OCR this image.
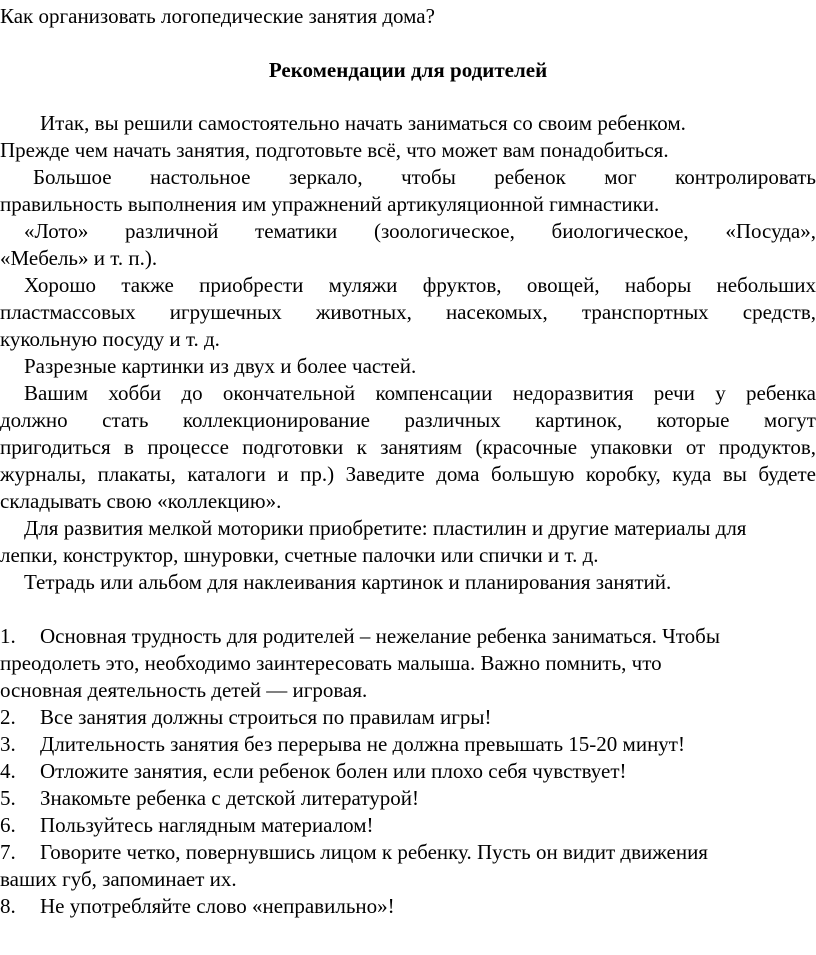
Как организовать логопедические занятия дома?

Рекомендации для родителей

Итак, вы решили самостоятельно начать заниматься со своим ребенком.

Прежде чем начать занятия, подготовьте всё, что может вам понадобиться.

Большое настольное зеркало, чтобы ребенок мог контролировать

правильность выполнения им упражнений артикуляционной гимнастики.

«Лото» различной тематики (зоологическое, биологическое, «Посуда»,

«Мебель» и т. п.).

Хорошо также приобрести муляжи фруктов, овощей, наборы небольших

пластмассовых игрушечных животных, насекомых, транспортных средств,

кукольную посуду и т. д.

Разрезные картинки из двух и более частей.

Вашим хобби до окончательной компенсации недоразвития речи у ребенка

должно стать коллекционирование различных картинок, которые могут

пригодиться в процессе подготовки к занятиям (красочные упаковки от продуктов,

журналы, плакаты, каталоги и пр.) Заведите дома большую коробку, куда вы будете

складывать свою «коллекцию».

Для развития мелкой моторики приобретите: пластилин и другие материалы для

лепки, конструктор, шнуровки, счетные палочки или спички и т. д.

Тетрадь или альбом для наклеивания картинок и планирования занятий.

1. Основная трудность для родителей – нежелание ребенка заниматься. Чтобы

преодолеть это, необходимо заинтересовать малыша. Важно помнить, что

основная деятельность детей — игровая.

2. Все занятия должны строиться по правилам игры!
3. Длительность занятия без перерыва не должна превышать 15-20 минут!
4. Отложите занятия, если ребенок болен или плохо себя чувствует!
5. Знакомьте ребенка с детской литературой!
6. Пользуйтесь наглядным материалом!
7. Говорите четко, повернувшись лицом к ребенку. Пусть он видит движения

ваших губ, запоминает их.

8. Не употребляйте слово «неправильно»!
